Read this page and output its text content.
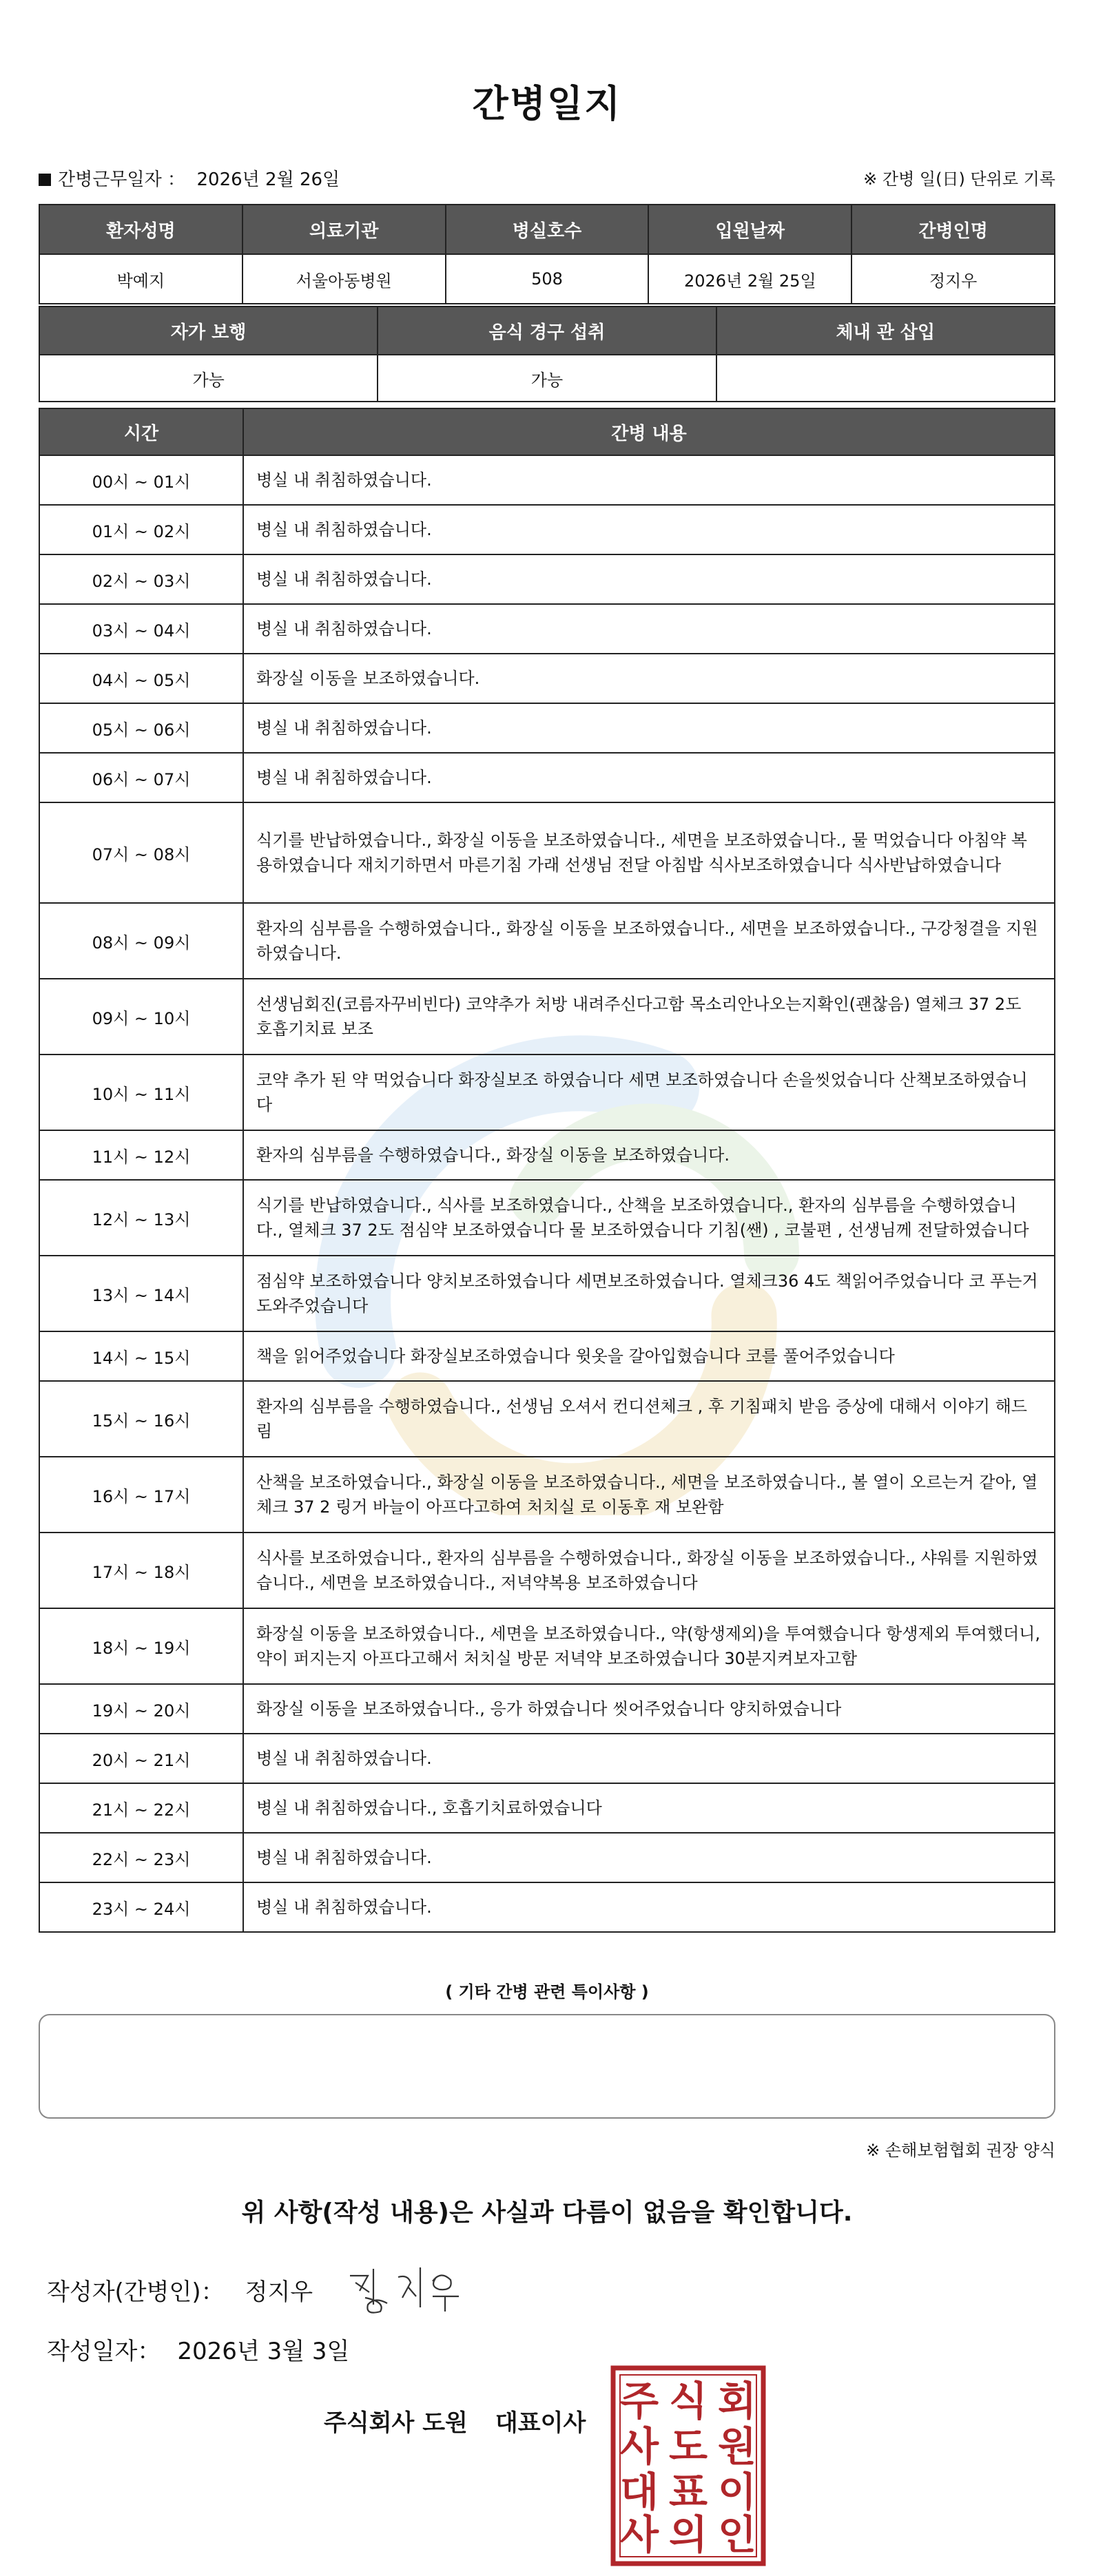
간병일지
간병근무일자 ： 2026년 2월 26일	※ 간병 일(日) 단위로 기록
환자성명	의료기관	병실호수	입원날짜	간병인명
박예지	서울아동병원	508	2026년 2월 25일	정지우
자가 보행	음식 경구 섭취	체내 관 삽입
가능	가능	
시간	간병 내용
00시 ~ 01시	병실 내 취침하였습니다.
01시 ~ 02시	병실 내 취침하였습니다.
02시 ~ 03시	병실 내 취침하였습니다.
03시 ~ 04시	병실 내 취침하였습니다.
04시 ~ 05시	화장실 이동을 보조하였습니다.
05시 ~ 06시	병실 내 취침하였습니다.
06시 ~ 07시	병실 내 취침하였습니다.
07시 ~ 08시	식기를 반납하였습니다., 화장실 이동을 보조하였습니다., 세면을 보조하였습니다., 물 먹었습니다 아침약 복용하였습니다 재치기하면서 마른기침 가래 선생님 전달 아침밥 식사보조하였습니다 식사반납하였습니다
08시 ~ 09시	환자의 심부름을 수행하였습니다., 화장실 이동을 보조하였습니다., 세면을 보조하였습니다., 구강청결을 지원하였습니다.
09시 ~ 10시	선생님회진(코름자꾸비빈다) 코약추가 처방 내려주신다고함 목소리안나오는지확인(괜찮음) 열체크 37 2도 호흡기치료 보조
10시 ~ 11시	코약 추가 된 약 먹었습니다 화장실보조 하였습니다 세면 보조하였습니다 손을씻었습니다 산책보조하였습니다
11시 ~ 12시	환자의 심부름을 수행하였습니다., 화장실 이동을 보조하였습니다.
12시 ~ 13시	식기를 반납하였습니다., 식사를 보조하였습니다., 산책을 보조하였습니다., 환자의 심부름을 수행하였습니다., 열체크 37 2도 점심약 보조하였습니다 물 보조하였습니다 기침(쌘) , 코불편 , 선생님께 전달하였습니다
13시 ~ 14시	점심약 보조하였습니다 양치보조하였습니다 세면보조하였습니다. 열체크36 4도 책읽어주었습니다 코 푸는거 도와주었습니다
14시 ~ 15시	책을 읽어주었습니다 화장실보조하였습니다 윗옷을 갈아입혔습니다 코를 풀어주었습니다
15시 ~ 16시	환자의 심부름을 수행하였습니다., 선생님 오셔서 컨디션체크 , 후 기침패치 받음 증상에 대해서 이야기 해드림
16시 ~ 17시	산책을 보조하였습니다., 화장실 이동을 보조하였습니다., 세면을 보조하였습니다., 볼 열이 오르는거 같아, 열체크 37 2 링거 바늘이 아프다고하여 처치실 로 이동후 재 보완함
17시 ~ 18시	식사를 보조하였습니다., 환자의 심부름을 수행하였습니다., 화장실 이동을 보조하였습니다., 샤워를 지원하였습니다., 세면을 보조하였습니다., 저녁약복용 보조하였습니다
18시 ~ 19시	화장실 이동을 보조하였습니다., 세면을 보조하였습니다., 약(항생제외)을 투여했습니다 항생제외 투여했더니, 약이 퍼지는지 아프다고해서 처치실 방문 저녁약 보조하였습니다 30분지켜보자고함
19시 ~ 20시	화장실 이동을 보조하였습니다., 응가 하였습니다 씻어주었습니다 양치하였습니다
20시 ~ 21시	병실 내 취침하였습니다.
21시 ~ 22시	병실 내 취침하였습니다., 호흡기치료하였습니다
22시 ~ 23시	병실 내 취침하였습니다.
23시 ~ 24시	병실 내 취침하였습니다.
( 기타 간병 관련 특이사항 )
※ 손해보험협회 권장 양식
위 사항(작성 내용)은 사실과 다름이 없음을 확인합니다.
작성자(간병인)： 정지우
작성일자： 2026년 3월 3일
주식회사 도원 대표이사 주 식 회
사 도 원
대 표 이
사 의 인
